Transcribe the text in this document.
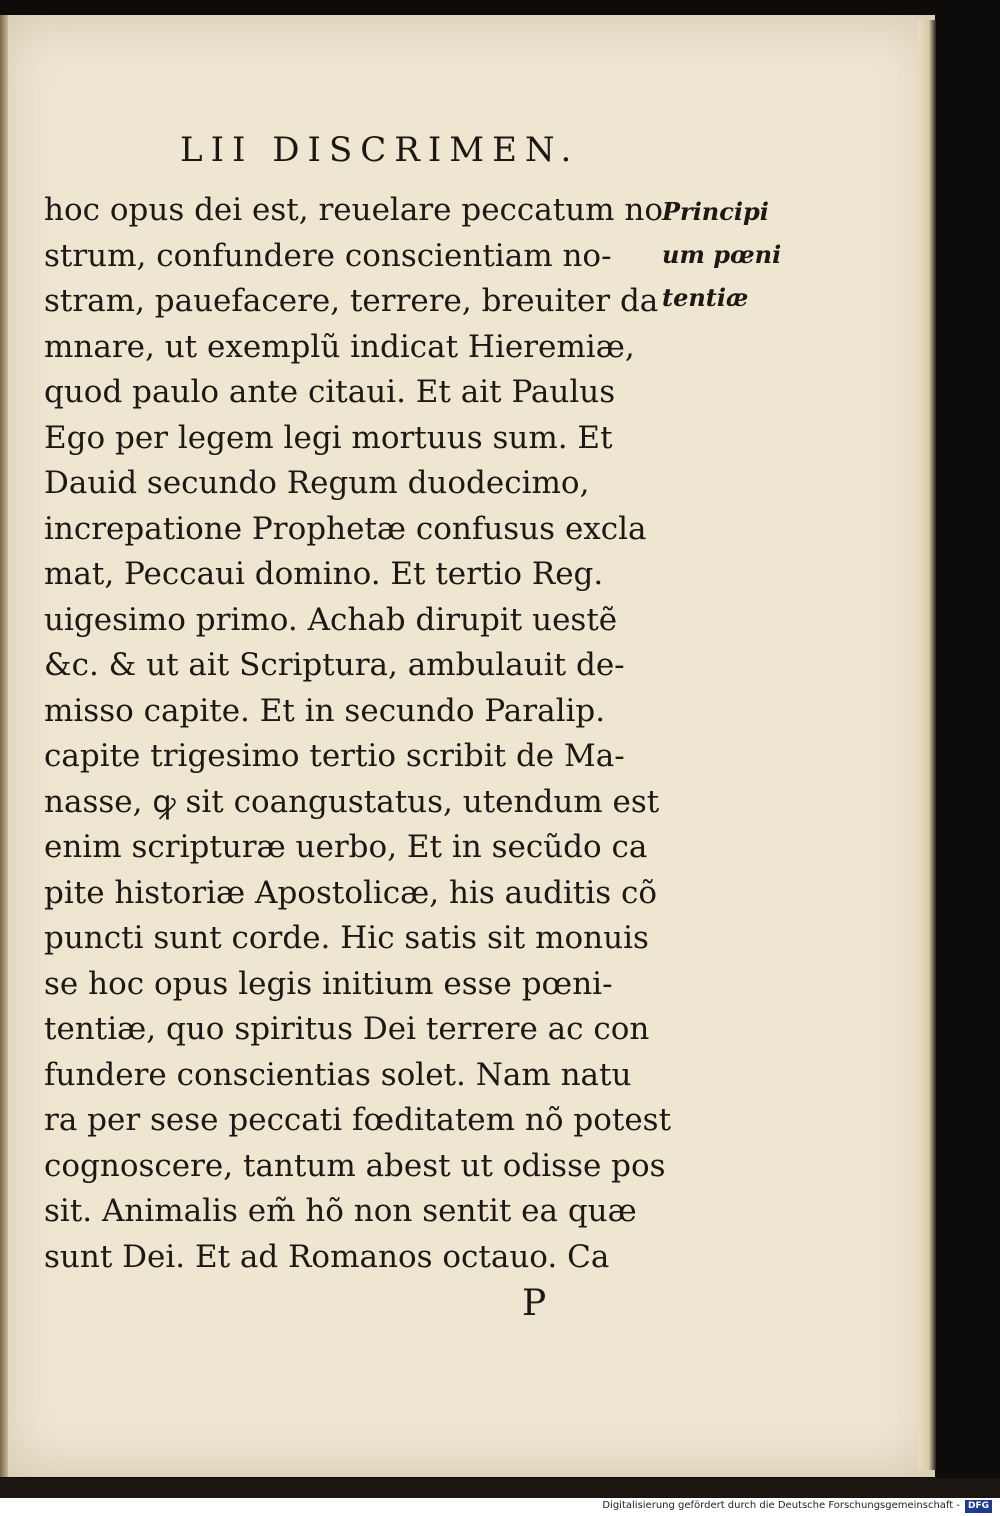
LII DISCRIMEN.
hoc opus dei est, reuelare peccatum no
strum, confundere conscientiam no-
stram, pauefacere, terrere, breuiter da
mnare, ut exemplũ indicat Hieremiæ,
quod paulo ante citaui. Et ait Paulus
Ego per legem legi mortuus sum. Et
Dauid secundo Regum duodecimo,
increpatione Prophetæ confusus excla
mat, Peccaui domino. Et tertio Reg.
uigesimo primo. Achab dirupit uestẽ
&c. & ut ait Scriptura, ambulauit de-
misso capite. Et in secundo Paralip.
capite trigesimo tertio scribit de Ma-
nasse, ꝙ sit coangustatus, utendum est
enim scripturæ uerbo, Et in secũdo ca
pite historiæ Apostolicæ, his auditis cõ
puncti sunt corde. Hic satis sit monuis
se hoc opus legis initium esse pœni-
tentiæ, quo spiritus Dei terrere ac con
fundere conscientias solet. Nam natu
ra per sese peccati fœditatem nõ potest
cognoscere, tantum abest ut odisse pos
sit. Animalis em̃ hõ non sentit ea quæ
sunt Dei. Et ad Romanos octauo. Ca
Principi
um pœni
tentiæ
P
Digitalisierung gefördert durch die Deutsche Forschungsgemeinschaft - DFG
